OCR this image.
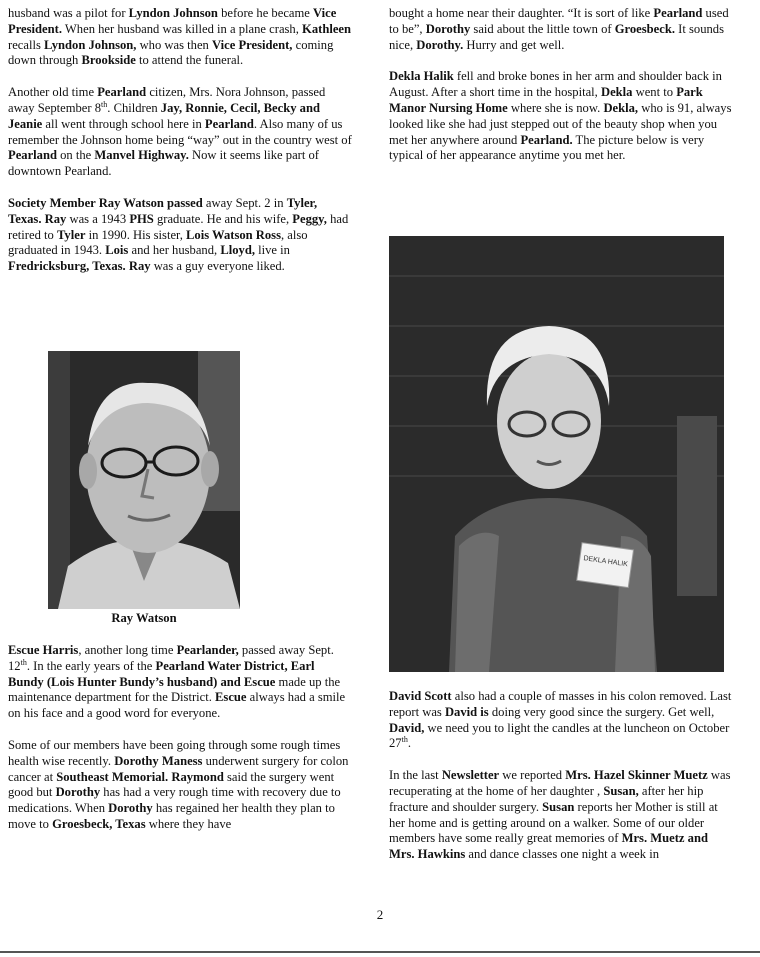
husband was a pilot for Lyndon Johnson before he became Vice President. When her husband was killed in a plane crash, Kathleen recalls Lyndon Johnson, who was then Vice President, coming down through Brookside to attend the funeral.

Another old time Pearland citizen, Mrs. Nora Johnson, passed away September 8th. Children Jay, Ronnie, Cecil, Becky and Jeanie all went through school here in Pearland. Also many of us remember the Johnson home being “way” out in the country west of Pearland on the Manvel Highway. Now it seems like part of downtown Pearland.

Society Member Ray Watson passed away Sept. 2 in Tyler, Texas. Ray was a 1943 PHS graduate. He and his wife, Peggy, had retired to Tyler in 1990. His sister, Lois Watson Ross, also graduated in 1943. Lois and her husband, Lloyd, live in Fredricksburg, Texas. Ray was a guy everyone liked.

Ray Watson

Escue Harris, another long time Pearlander, passed away Sept. 12th. In the early years of the Pearland Water District, Earl Bundy (Lois Hunter Bundy’s husband) and Escue made up the maintenance department for the District. Escue always had a smile on his face and a good word for everyone.

Some of our members have been going through some rough times health wise recently. Dorothy Maness underwent surgery for colon cancer at Southeast Memorial. Raymond said the surgery went good but Dorothy has had a very rough time with recovery due to medications. When Dorothy has regained her health they plan to move to Groesbeck, Texas where they have

bought a home near their daughter. “It is sort of like Pearland used to be”, Dorothy said about the little town of Groesbeck. It sounds nice, Dorothy. Hurry and get well.

Dekla Halik fell and broke bones in her arm and shoulder back in August. After a short time in the hospital, Dekla went to Park Manor Nursing Home where she is now. Dekla, who is 91, always looked like she had just stepped out of the beauty shop when you met her anywhere around Pearland. The picture below is very typical of her appearance anytime you met her.

DEKLA HALIK

David Scott also had a couple of masses in his colon removed. Last report was David is doing very good since the surgery. Get well, David, we need you to light the candles at the luncheon on October 27th.

In the last Newsletter we reported Mrs. Hazel Skinner Muetz was recuperating at the home of her daughter , Susan, after her hip fracture and shoulder surgery. Susan reports her Mother is still at her home and is getting around on a walker. Some of our older members have some really great memories of Mrs. Muetz and Mrs. Hawkins and dance classes one night a week in

2
